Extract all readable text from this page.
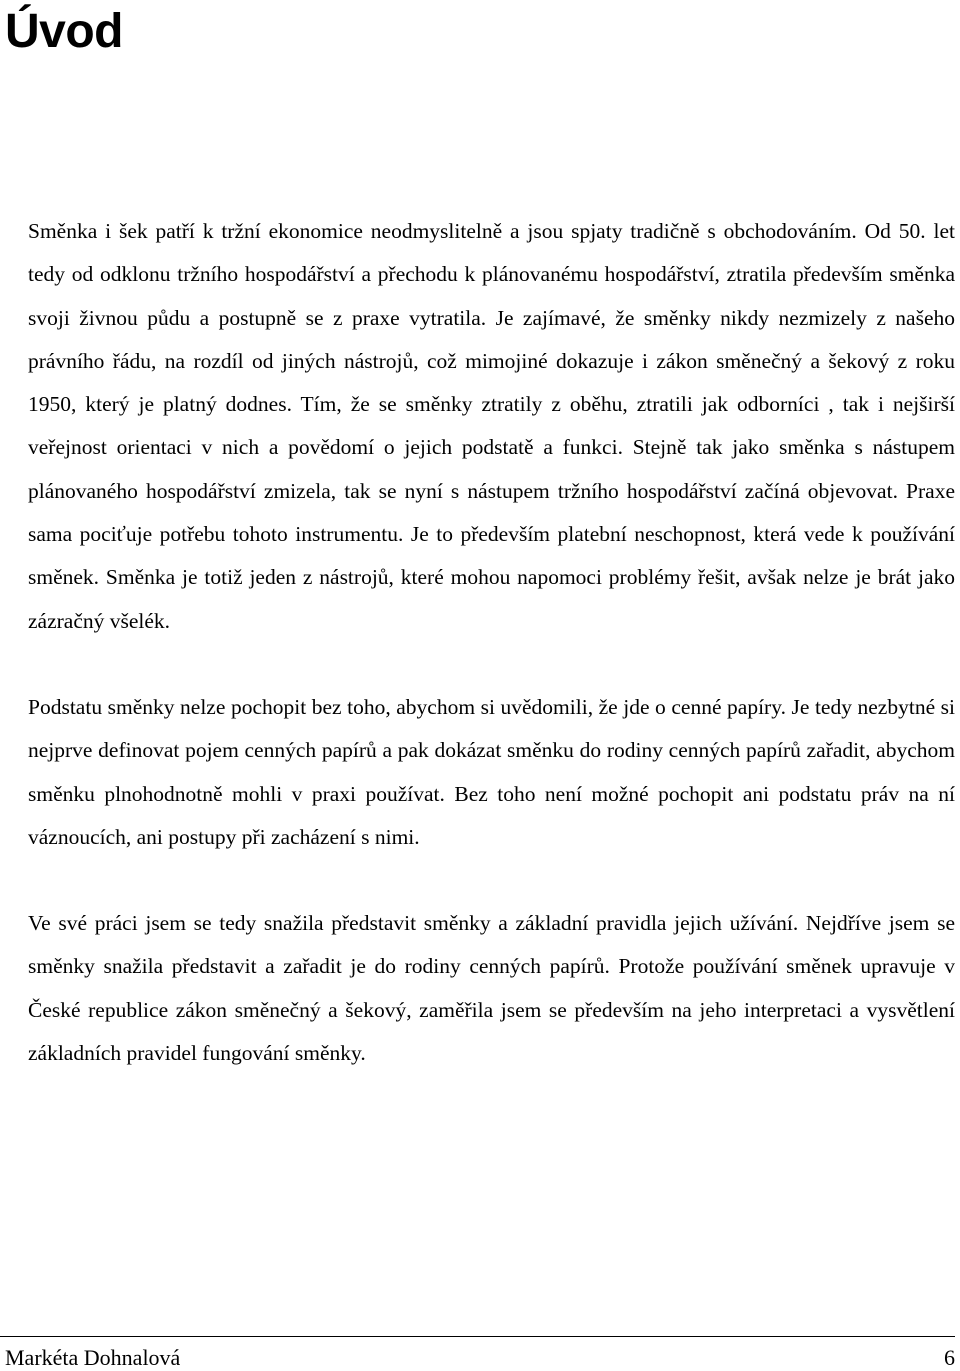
Úvod

Směnka i šek patří k tržní ekonomice neodmyslitelně a jsou spjaty tradičně s obchodováním. Od 50. let tedy od odklonu tržního hospodářství a přechodu k plánovanému hospodářství, ztratila především směnka svoji živnou půdu a postupně se z praxe vytratila. Je zajímavé, že směnky nikdy nezmizely z našeho právního řádu, na rozdíl od jiných nástrojů, což mimojiné dokazuje i zákon směnečný a šekový z roku 1950, který je platný dodnes. Tím, že se směnky ztratily z oběhu, ztratili jak odborníci , tak i nejširší veřejnost orientaci v nich a povědomí o jejich podstatě a funkci. Stejně tak jako směnka s nástupem plánovaného hospodářství zmizela, tak se nyní s nástupem tržního hospodářství začíná objevovat. Praxe sama pociťuje potřebu tohoto instrumentu. Je to především platební neschopnost, která vede k používání směnek. Směnka je totiž jeden z nástrojů, které mohou napomoci problémy řešit, avšak nelze je brát jako zázračný všelék.

Podstatu směnky nelze pochopit bez toho, abychom si uvědomili, že jde o cenné papíry. Je tedy nezbytné si nejprve definovat pojem cenných papírů a pak dokázat směnku do rodiny cenných papírů zařadit, abychom směnku plnohodnotně mohli v praxi používat. Bez toho není možné pochopit ani podstatu práv na ní váznoucích, ani postupy při zacházení s nimi.

Ve své práci jsem se tedy snažila představit směnky a základní pravidla jejich užívání. Nejdříve jsem se směnky snažila představit a zařadit je do rodiny cenných papírů. Protože používání směnek upravuje v České republice zákon směnečný a šekový, zaměřila jsem se především na jeho interpretaci a vysvětlení základních pravidel fungování směnky.

Markéta Dohnalová	6
